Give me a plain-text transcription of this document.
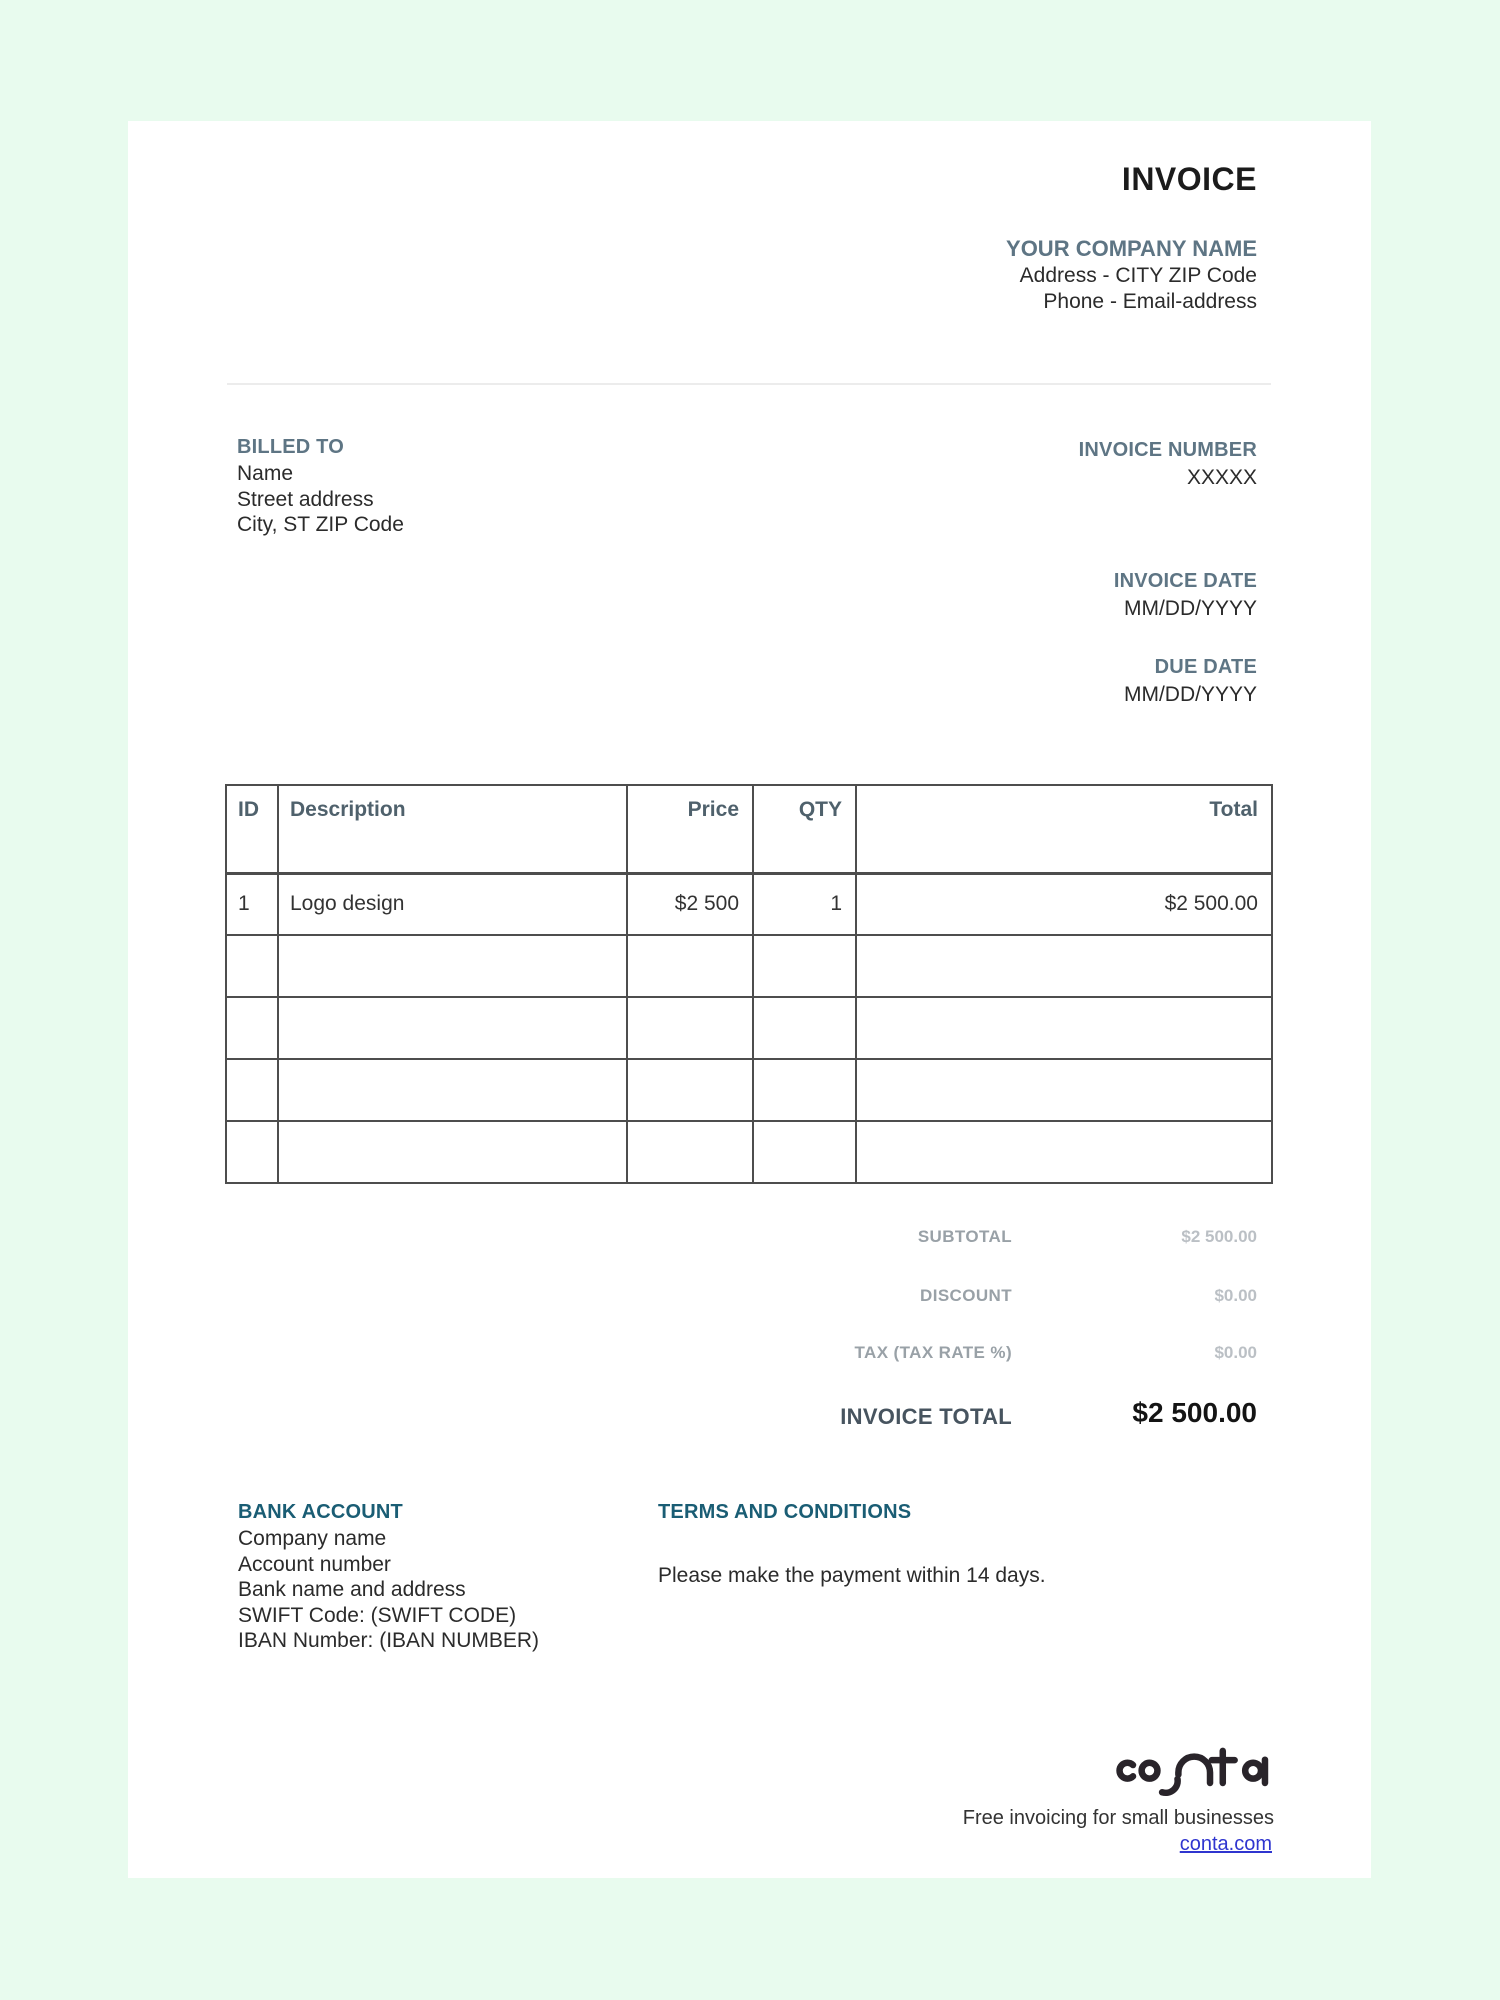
INVOICE
YOUR COMPANY NAME
Address - CITY ZIP Code
Phone - Email-address
BILLED TO
Name
Street address
City, ST ZIP Code
INVOICE NUMBER
XXXXX
INVOICE DATE
MM/DD/YYYY
DUE DATE
MM/DD/YYYY
ID	Description	Price	QTY	Total
1	Logo design	$2 500	1	$2 500.00

SUBTOTAL	$2 500.00
DISCOUNT	$0.00
TAX (TAX RATE %)	$0.00
INVOICE TOTAL	$2 500.00
BANK ACCOUNT
Company name
Account number
Bank name and address
SWIFT Code: (SWIFT CODE)
IBAN Number: (IBAN NUMBER)
TERMS AND CONDITIONS
Please make the payment within 14 days.
Free invoicing for small businesses
conta.com
